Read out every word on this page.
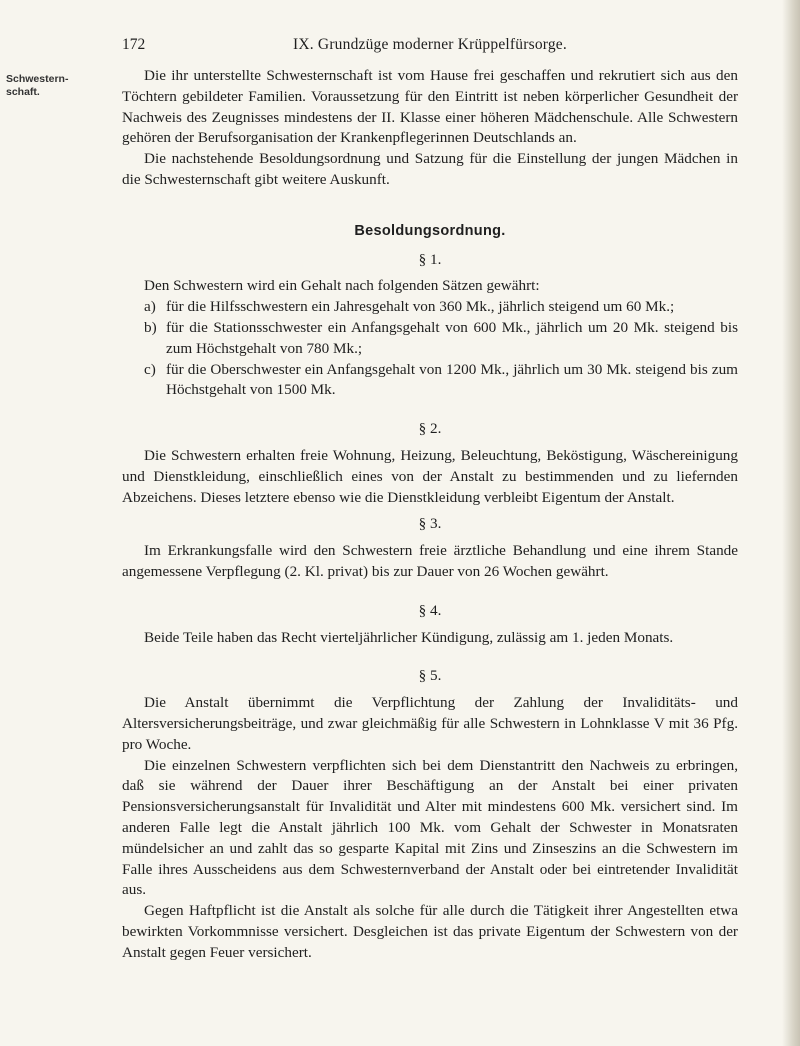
172	IX. Grundzüge moderner Krüppelfürsorge.
Schwestern-
schaft.

Die ihr unterstellte Schwesternschaft ist vom Hause frei geschaffen und rekrutiert sich aus den Töchtern gebildeter Familien. Voraussetzung für den Eintritt ist neben körperlicher Gesundheit der Nachweis des Zeugnisses mindestens der II. Klasse einer höheren Mädchenschule. Alle Schwestern gehören der Berufsorganisation der Krankenpflegerinnen Deutschlands an.

Die nachstehende Besoldungsordnung und Satzung für die Einstellung der jungen Mädchen in die Schwesternschaft gibt weitere Auskunft.

Besoldungsordnung.
§ 1.

Den Schwestern wird ein Gehalt nach folgenden Sätzen gewährt:

a) für die Hilfsschwestern ein Jahresgehalt von 360 Mk., jährlich steigend um 60 Mk.;
b) für die Stationsschwester ein Anfangsgehalt von 600 Mk., jährlich um 20 Mk. steigend bis zum Höchstgehalt von 780 Mk.;
c) für die Oberschwester ein Anfangsgehalt von 1200 Mk., jährlich um 30 Mk. steigend bis zum Höchstgehalt von 1500 Mk.
§ 2.

Die Schwestern erhalten freie Wohnung, Heizung, Beleuchtung, Beköstigung, Wäschereinigung und Dienstkleidung, einschließlich eines von der Anstalt zu bestimmenden und zu liefernden Abzeichens. Dieses letztere ebenso wie die Dienstkleidung verbleibt Eigentum der Anstalt.

§ 3.

Im Erkrankungsfalle wird den Schwestern freie ärztliche Behandlung und eine ihrem Stande angemessene Verpflegung (2. Kl. privat) bis zur Dauer von 26 Wochen gewährt.

§ 4.

Beide Teile haben das Recht vierteljährlicher Kündigung, zulässig am 1. jeden Monats.

§ 5.

Die Anstalt übernimmt die Verpflichtung der Zahlung der Invaliditäts- und Altersversicherungsbeiträge, und zwar gleichmäßig für alle Schwestern in Lohnklasse V mit 36 Pfg. pro Woche.

Die einzelnen Schwestern verpflichten sich bei dem Dienstantritt den Nachweis zu erbringen, daß sie während der Dauer ihrer Beschäftigung an der Anstalt bei einer privaten Pensionsversicherungsanstalt für Invalidität und Alter mit mindestens 600 Mk. versichert sind. Im anderen Falle legt die Anstalt jährlich 100 Mk. vom Gehalt der Schwester in Monatsraten mündelsicher an und zahlt das so gesparte Kapital mit Zins und Zinseszins an die Schwestern im Falle ihres Ausscheidens aus dem Schwesternverband der Anstalt oder bei eintretender Invalidität aus.

Gegen Haftpflicht ist die Anstalt als solche für alle durch die Tätigkeit ihrer Angestellten etwa bewirkten Vorkommnisse versichert. Desgleichen ist das private Eigentum der Schwestern von der Anstalt gegen Feuer versichert.
